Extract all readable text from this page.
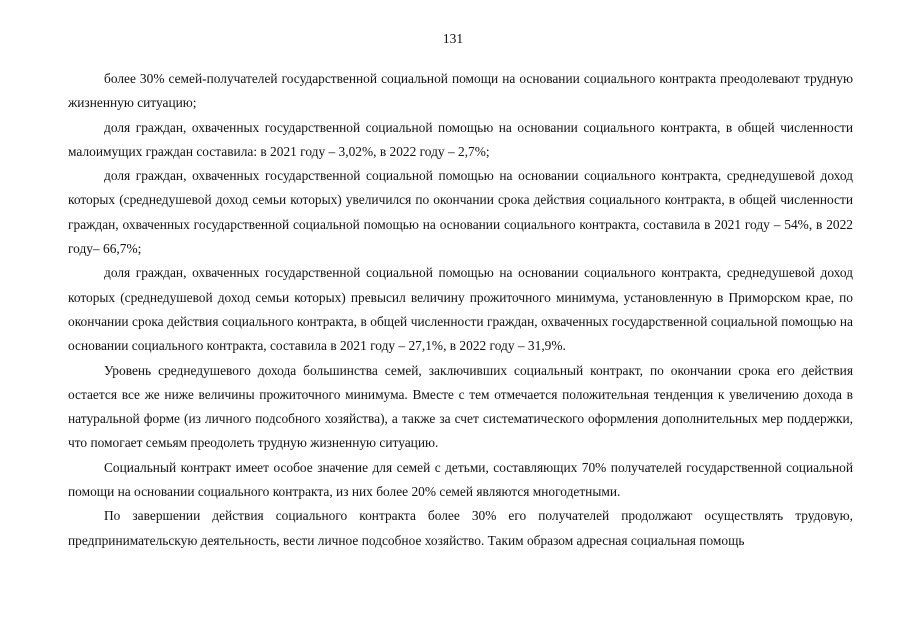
131

более 30% семей-получателей государственной социальной помощи на основании социального контракта преодолевают трудную жизненную ситуацию;

доля граждан, охваченных государственной социальной помощью на основании социального контракта, в общей численности малоимущих граждан составила: в 2021 году – 3,02%, в 2022 году – 2,7%;

доля граждан, охваченных государственной социальной помощью на основании социального контракта, среднедушевой доход которых (среднедушевой доход семьи которых) увеличился по окончании срока действия социального контракта, в общей численности граждан, охваченных государственной социальной помощью на основании социального контракта, составила в 2021 году – 54%, в 2022 году– 66,7%;

доля граждан, охваченных государственной социальной помощью на основании социального контракта, среднедушевой доход которых (среднедушевой доход семьи которых) превысил величину прожиточного минимума, установленную в Приморском крае, по окончании срока действия социального контракта, в общей численности граждан, охваченных государственной социальной помощью на основании социального контракта, составила в 2021 году – 27,1%, в 2022 году – 31,9%.

Уровень среднедушевого дохода большинства семей, заключивших социальный контракт, по окончании срока его действия остается все же ниже величины прожиточного минимума. Вместе с тем отмечается положительная тенденция к увеличению дохода в натуральной форме (из личного подсобного хозяйства), а также за счет систематического оформления дополнительных мер поддержки, что помогает семьям преодолеть трудную жизненную ситуацию.

Социальный контракт имеет особое значение для семей с детьми, составляющих 70% получателей государственной социальной помощи на основании социального контракта, из них более 20% семей являются многодетными.

По завершении действия социального контракта более 30% его получателей продолжают осуществлять трудовую, предпринимательскую деятельность, вести личное подсобное хозяйство. Таким образом адресная социальная помощь
